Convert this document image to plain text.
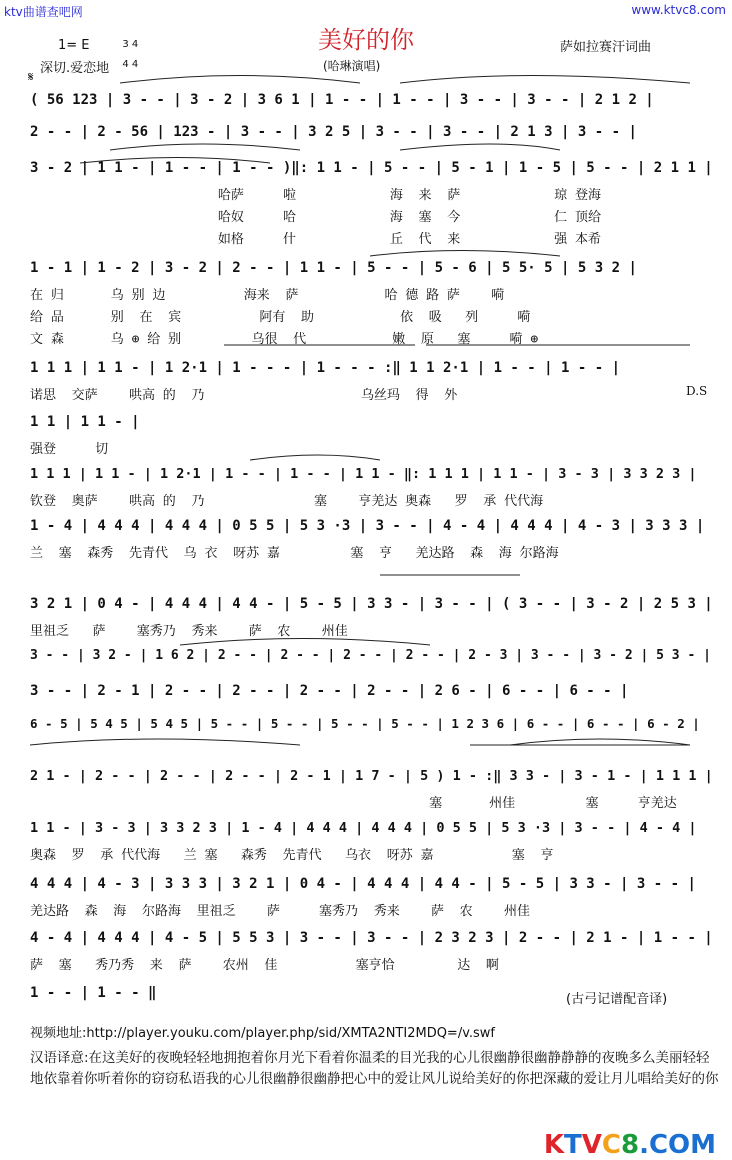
ktv曲谱查吧网	www.ktvc8.com
美好的你
1= E	3 4

4 4

萨如拉赛汗词曲
深切.爱恋地	(哈琳演唱)
𝄋
( 56 123 | 3 - - | 3 - 2 | 3 6 1 | 1 - - | 1 - - | 3 - - | 3 - - | 2 1 2 |
2 - - | 2 - 56 | 123 - | 3 - - | 3 2 5 | 3 - - | 3 - - | 2 1 3 | 3 - - |
3 - 2 | 1 1 - | 1 - - | 1 - - )‖: 1 1 - | 5 - - | 5 - 1 | 1 - 5 | 5 - - | 2 1 1 |
哈萨     啦            海  来  萨            琼 登海
哈奴     哈            海  塞  今            仁 顶给
如格     什            丘  代  来            强 本希
1 - 1 | 1 - 2 | 3 - 2 | 2 - - | 1 1 - | 5 - - | 5 - 6 | 5 5· 5 | 5 3 2 |
在 归      乌 别 边          海来  萨           哈 德 路 萨    嗬
给 品      别  在  宾          阿有  助           依  吸   列     嗬
文 森      乌 ⊕ 给 别         乌很  代           嫩  原   塞     嗬 ⊕
1 1 1 | 1 1 - | 1 2·1 | 1 - - - | 1 - - - :‖ 1 1 2·1 | 1 - - | 1 - - |
诺思  交萨    哄高 的  乃                    乌丝玛  得  外	D.S
1 1 | 1 1 - |
强登     切
1 1 1 | 1 1 - | 1 2·1 | 1 - - | 1 - - | 1 1 - ‖: 1 1 1 | 1 1 - | 3 - 3 | 3 3 2 3 |
钦登  奥萨    哄高 的  乃              塞    亨羌达 奥森   罗  承 代代海
1 - 4 | 4 4 4 | 4 4 4 | 0 5 5 | 5 3 ·3 | 3 - - | 4 - 4 | 4 4 4 | 4 - 3 | 3 3 3 |
兰  塞  森秀  先青代  乌 衣  呀苏 嘉         塞  亨   羌达路  森  海 尔路海
3 2 1 | 0 4 - | 4 4 4 | 4 4 - | 5 - 5 | 3 3 - | 3 - - | ( 3 - - | 3 - 2 | 2 5 3 |
里祖乏   萨    塞秀乃  秀来    萨  农    州佳
3 - - | 3 2 - | 1 6 2 | 2 - - | 2 - - | 2 - - | 2 - - | 2 - 3 | 3 - - | 3 - 2 | 5 3 - |
3 - - | 2 - 1 | 2 - - | 2 - - | 2 - - | 2 - - | 2 6 - | 6 - - | 6 - - |
6 - 5 | 5 4 5 | 5 4 5 | 5 - - | 5 - - | 5 - - | 5 - - | 1 2 3 6 | 6 - - | 6 - - | 6 - 2 |
2 1 - | 2 - - | 2 - - | 2 - - | 2 - 1 | 1 7 - | 5 ) 1 - :‖ 3 3 - | 3 - 1 - | 1 1 1 |
塞      州佳         塞     亨羌达
1 1 - | 3 - 3 | 3 3 2 3 | 1 - 4 | 4 4 4 | 4 4 4 | 0 5 5 | 5 3 ·3 | 3 - - | 4 - 4 |
奥森  罗  承 代代海   兰 塞   森秀  先青代   乌衣  呀苏 嘉          塞  亨
4 4 4 | 4 - 3 | 3 3 3 | 3 2 1 | 0 4 - | 4 4 4 | 4 4 - | 5 - 5 | 3 3 - | 3 - - |
羌达路  森  海  尔路海  里祖乏    萨     塞秀乃  秀来    萨  农    州佳
4 - 4 | 4 4 4 | 4 - 5 | 5 5 3 | 3 - - | 3 - - | 2 3 2 3 | 2 - - | 2 1 - | 1 - - |
萨  塞   秀乃秀  来  萨    农州  佳          塞亨恰        达  啊
1 - - | 1 - - ‖	(古弓记谱配音译)
视频地址:http://player.youku.com/player.php/sid/XMTA2NTI2MDQ=/v.swf
汉语译意:在这美好的夜晚轻轻地拥抱着你月光下看着你温柔的目光我的心儿很幽静很幽静静静的夜晚多么美丽轻轻地依靠着你听着你的窃窃私语我的心儿很幽静很幽静把心中的爱让风儿说给美好的你把深藏的爱让月儿唱给美好的你

KTVC8.COM
